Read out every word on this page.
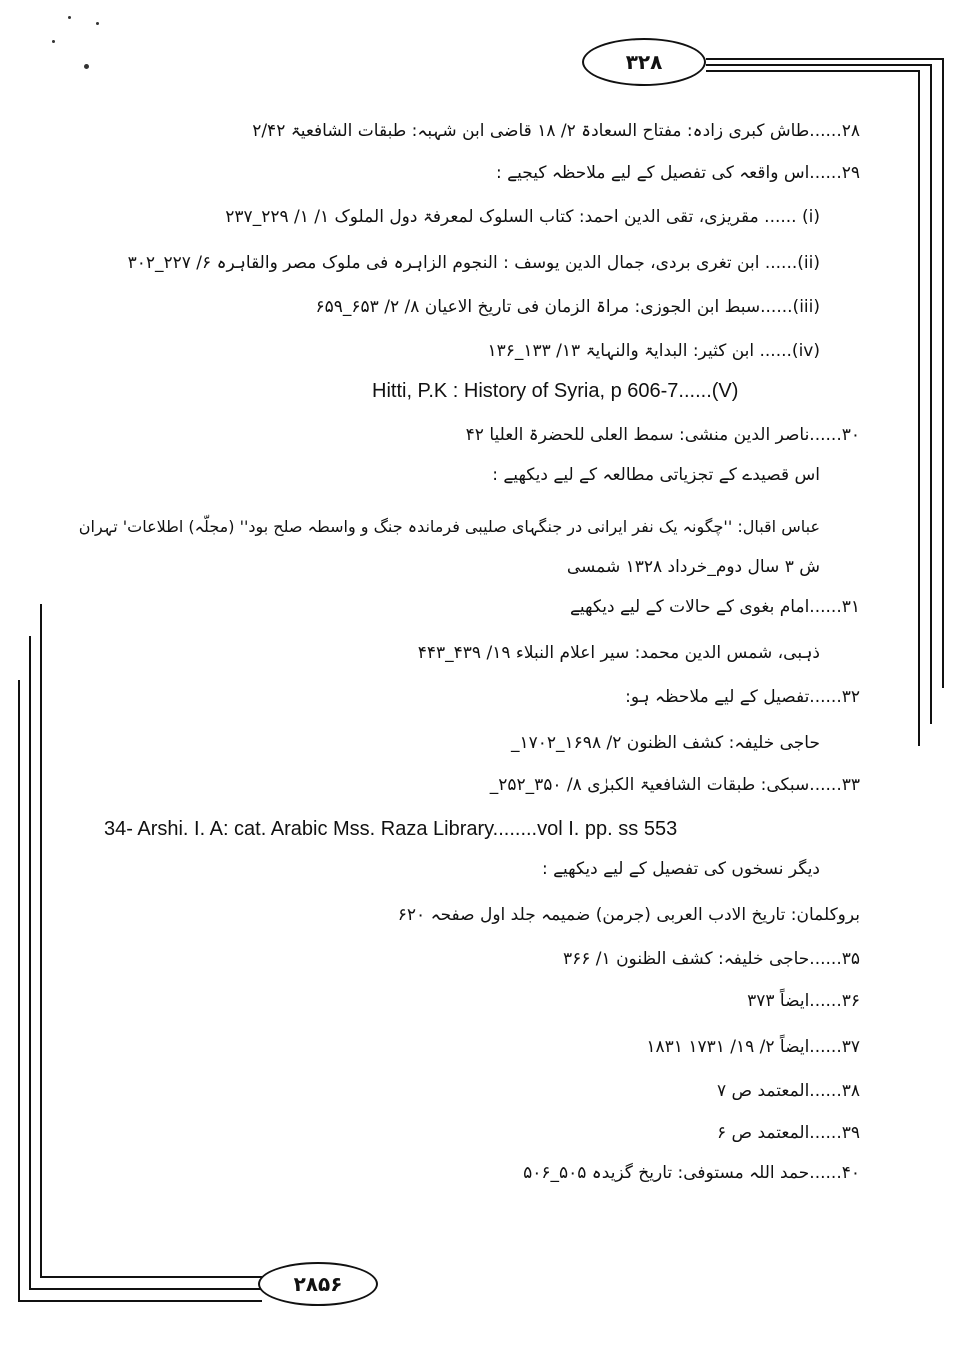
۳۲۸
۲۸۵۶
۲۸......طاش کبری زادہ: مفتاح السعادۃ ۲/ ۱۸ قاضی ابن شہبہ: طبقات الشافعیۃ ۲/۴۲
۲۹......اس واقعہ کی تفصیل کے لیے ملاحظہ کیجیے :
(i) ...... مقریزی، تقی الدین احمد: کتاب السلوک لمعرفۃ دول الملوک ۱/ ۱/ ۲۲۹_۲۳۷
(ii)...... ابن تغری بردی، جمال الدین یوسف : النجوم الزاہرہ فی ملوک مصر والقاہرہ ۶/ ۲۲۷_۳۰۲
(iii)......سبط ابن الجوزی: مراۃ الزمان فی تاریخ الاعیان ۸/ ۲/ ۶۵۳_۶۵۹
(iv)...... ابن کثیر: البدایۃ والنہایۃ ۱۳/ ۱۳۳_۱۳۶
Hitti, P.K : History of Syria, p 606-7......(V)
۳۰......ناصر الدین منشی: سمط العلی للحضرۃ العلیا ۴۲
اس قصیدے کے تجزیاتی مطالعہ کے لیے دیکھیے :
عباس اقبال: ''چگونہ یک نفر ایرانی در جنگہای صلیبی فرماندہ جنگ و واسطہ صلح بود'' (مجلّہ) اطلاعات' تہران
ش ۳ سال دوم_خرداد ۱۳۲۸ شمسی
۳۱......امام بغوی کے حالات کے لیے دیکھیے
ذہبی، شمس الدین محمد: سیر اعلام النبلاء ۱۹/ ۴۳۹_۴۴۳
۳۲......تفصیل کے لیے ملاحظہ ہو:
حاجی خلیفہ: کشف الظنون ۲/ ۱۶۹۸_۱۷۰۲_
۳۳......سبکی: طبقات الشافعیۃ الکبرٰی ۸/ ۳۵۰_۲۵۲_
34- Arshi. I. A: cat. Arabic Mss. Raza Library........vol I. pp. ss 553
دیگر نسخوں کی تفصیل کے لیے دیکھیے :
بروکلمان: تاریخ الادب العربی (جرمن) ضمیمہ جلد اول صفحہ ۶۲۰
۳۵......حاجی خلیفہ: کشف الظنون ۱/ ۳۶۶
۳۶......ایضاً ۳۷۳
۳۷......ایضاً ۲/ ۱۹/ ۱۷۳۱ ۱۸۳۱
۳۸......المعتمد ص ۷
۳۹......المعتمد ص ۶
۴۰......حمد اللہ مستوفی: تاریخ گزیدہ ۵۰۵_۵۰۶
